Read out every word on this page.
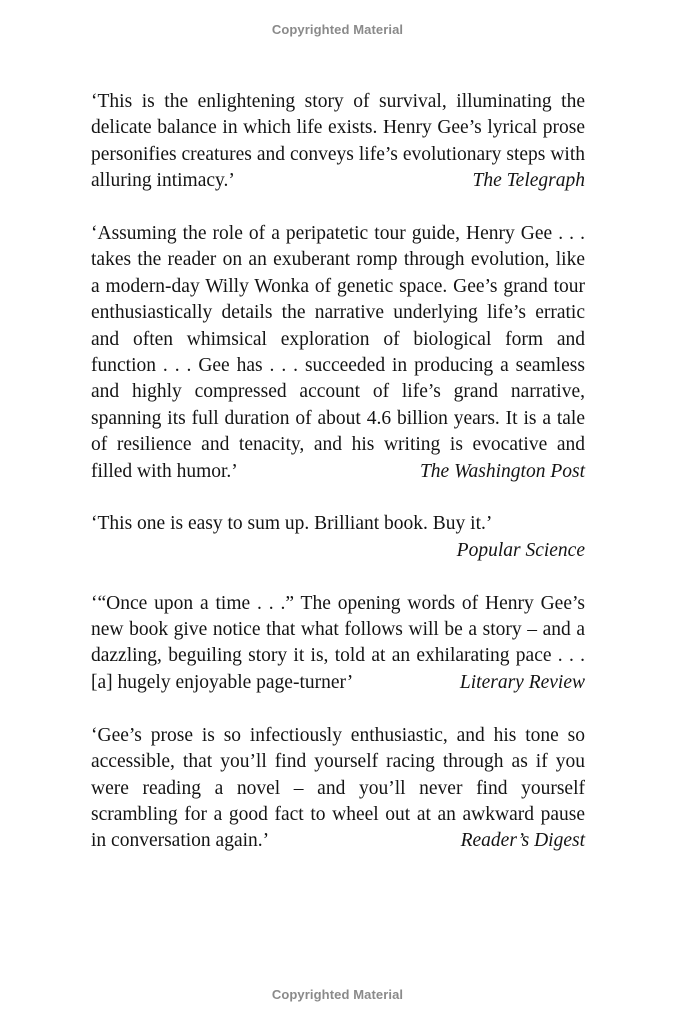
Copyrighted Material

‘This is the enlightening story of survival, illuminating the delicate balance in which life exists. Henry Gee’s lyrical prose personifies creatures and conveys life’s evolutionary steps with alluring intimacy.’	The Telegraph

‘Assuming the role of a peripatetic tour guide, Henry Gee . . . takes the reader on an exuberant romp through evolution, like a modern-day Willy Wonka of genetic space. Gee’s grand tour enthusiastically details the narrative underlying life’s erratic and often whimsical exploration of biological form and function . . . Gee has . . . succeeded in producing a seamless and highly compressed account of life’s grand narrative, spanning its full duration of about 4.6 billion years. It is a tale of resilience and tenacity, and his writing is evocative and filled with humor.’	The Washington Post

‘This one is easy to sum up. Brilliant book. Buy it.’
Popular Science

‘“Once upon a time . . .” The opening words of Henry Gee’s new book give notice that what follows will be a story – and a dazzling, beguiling story it is, told at an exhilarating pace . . . [a] hugely enjoyable page-turner’	Literary Review

‘Gee’s prose is so infectiously enthusiastic, and his tone so accessible, that you’ll find yourself racing through as if you were reading a novel – and you’ll never find yourself scrambling for a good fact to wheel out at an awkward pause in conversation again.’	Reader’s Digest

Copyrighted Material
